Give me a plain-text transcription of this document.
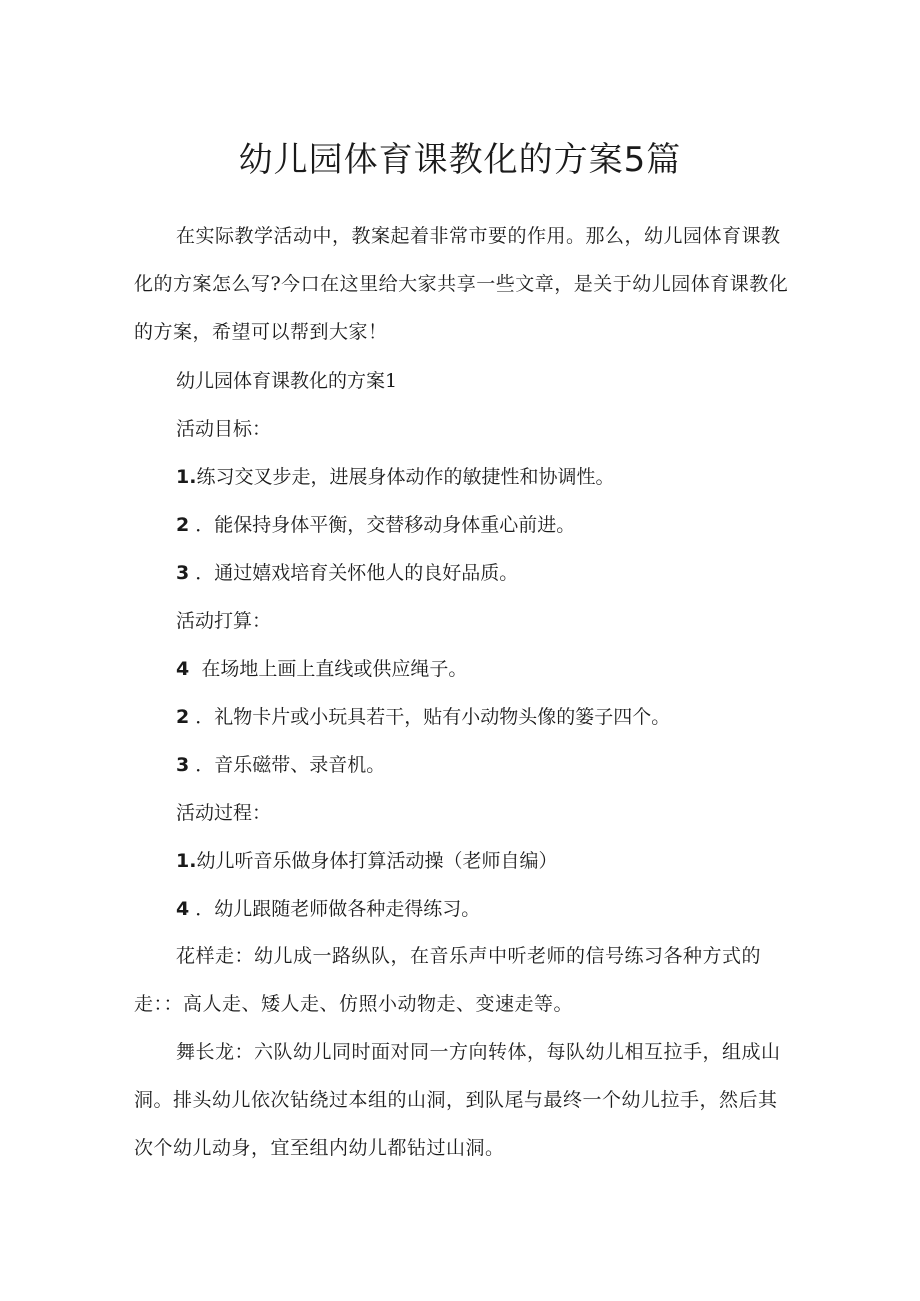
幼儿园体育课教化的方案5篇

在实际教学活动中，教案起着非常市要的作用。那么，幼儿园体育课教化的方案怎么写?今口在这里给大家共享一些文章，是关于幼儿园体育课教化的方案，希望可以帮到大家！

幼儿园体育课教化的方案1

活动目标：

1.练习交叉步走，进展身体动作的敏捷性和协调性。

2 ．能保持身体平衡，交替移动身体重心前进。

3 ．通过嬉戏培育关怀他人的良好品质。

活动打算：

4 在场地上画上直线或供应绳子。

2 ．礼物卡片或小玩具若干，贴有小动物头像的篓子四个。

3 ．音乐磁带、录音机。

活动过程：

1.幼儿听音乐做身体打算活动操（老师自编）

4 ．幼儿跟随老师做各种走得练习。

花样走：幼儿成一路纵队，在音乐声中听老师的信号练习各种方式的走：：高人走、矮人走、仿照小动物走、变速走等。

舞长龙：六队幼儿同时面对同一方向转体，每队幼儿相互拉手，组成山洞。排头幼儿依次钻绕过本组的山洞，到队尾与最终一个幼儿拉手，然后其次个幼儿动身，宜至组内幼儿都钻过山洞。
